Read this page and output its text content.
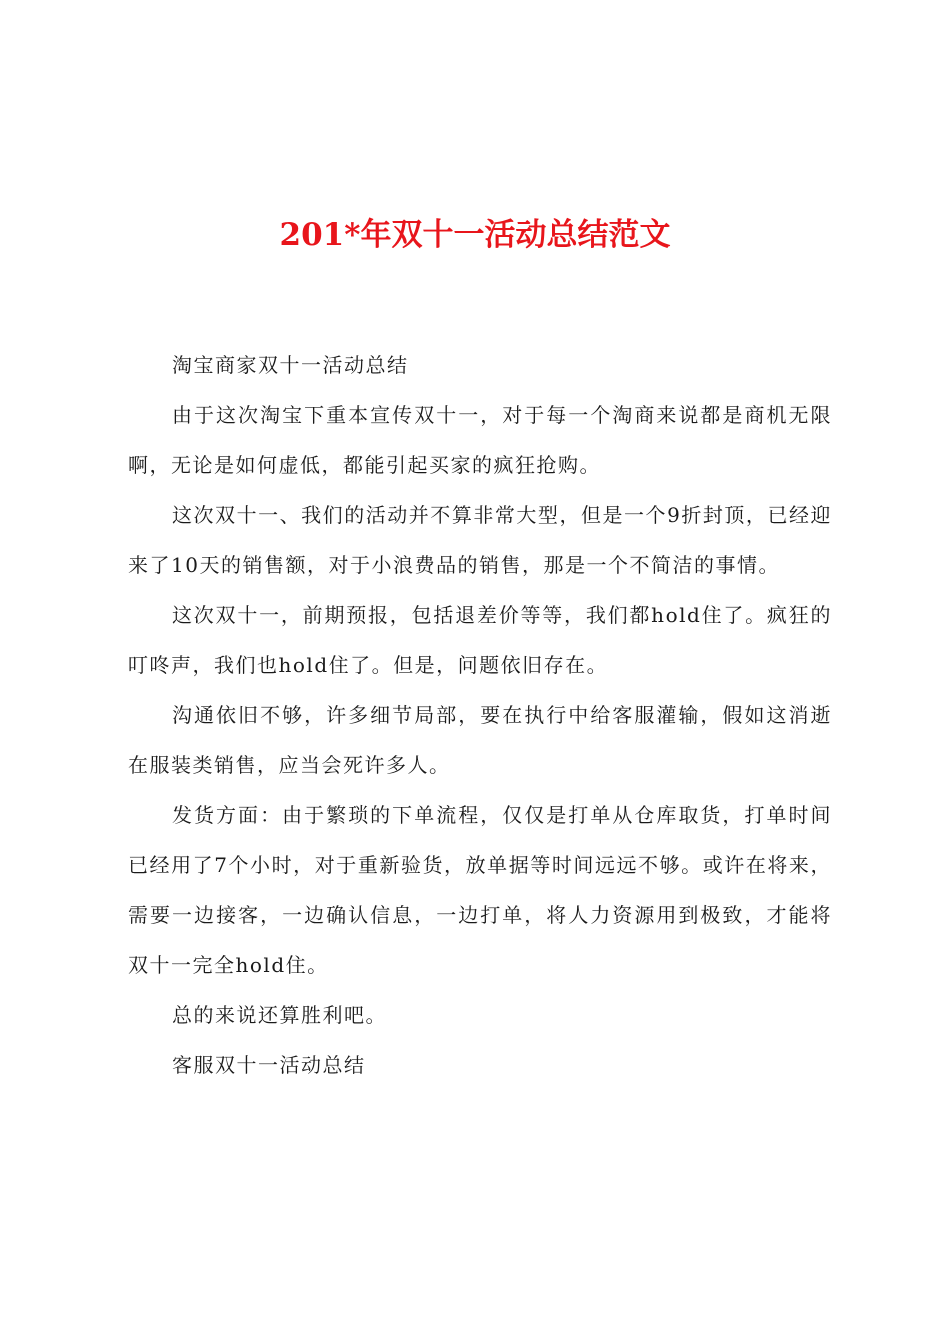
201*年双十一活动总结范文

淘宝商家双十一活动总结

由于这次淘宝下重本宣传双十一，对于每一个淘商来说都是商机无限啊，无论是如何虚低，都能引起买家的疯狂抢购。

这次双十一、我们的活动并不算非常大型，但是一个9折封顶，已经迎来了10天的销售额，对于小浪费品的销售，那是一个不简洁的事情。

这次双十一，前期预报，包括退差价等等，我们都hold住了。疯狂的叮咚声，我们也hold住了。但是，问题依旧存在。

沟通依旧不够，许多细节局部，要在执行中给客服灌输，假如这消逝在服装类销售，应当会死许多人。

发货方面：由于繁琐的下单流程，仅仅是打单从仓库取货，打单时间已经用了7个小时，对于重新验货，放单据等时间远远不够。或许在将来，需要一边接客，一边确认信息，一边打单，将人力资源用到极致，才能将双十一完全hold住。

总的来说还算胜利吧。

客服双十一活动总结
